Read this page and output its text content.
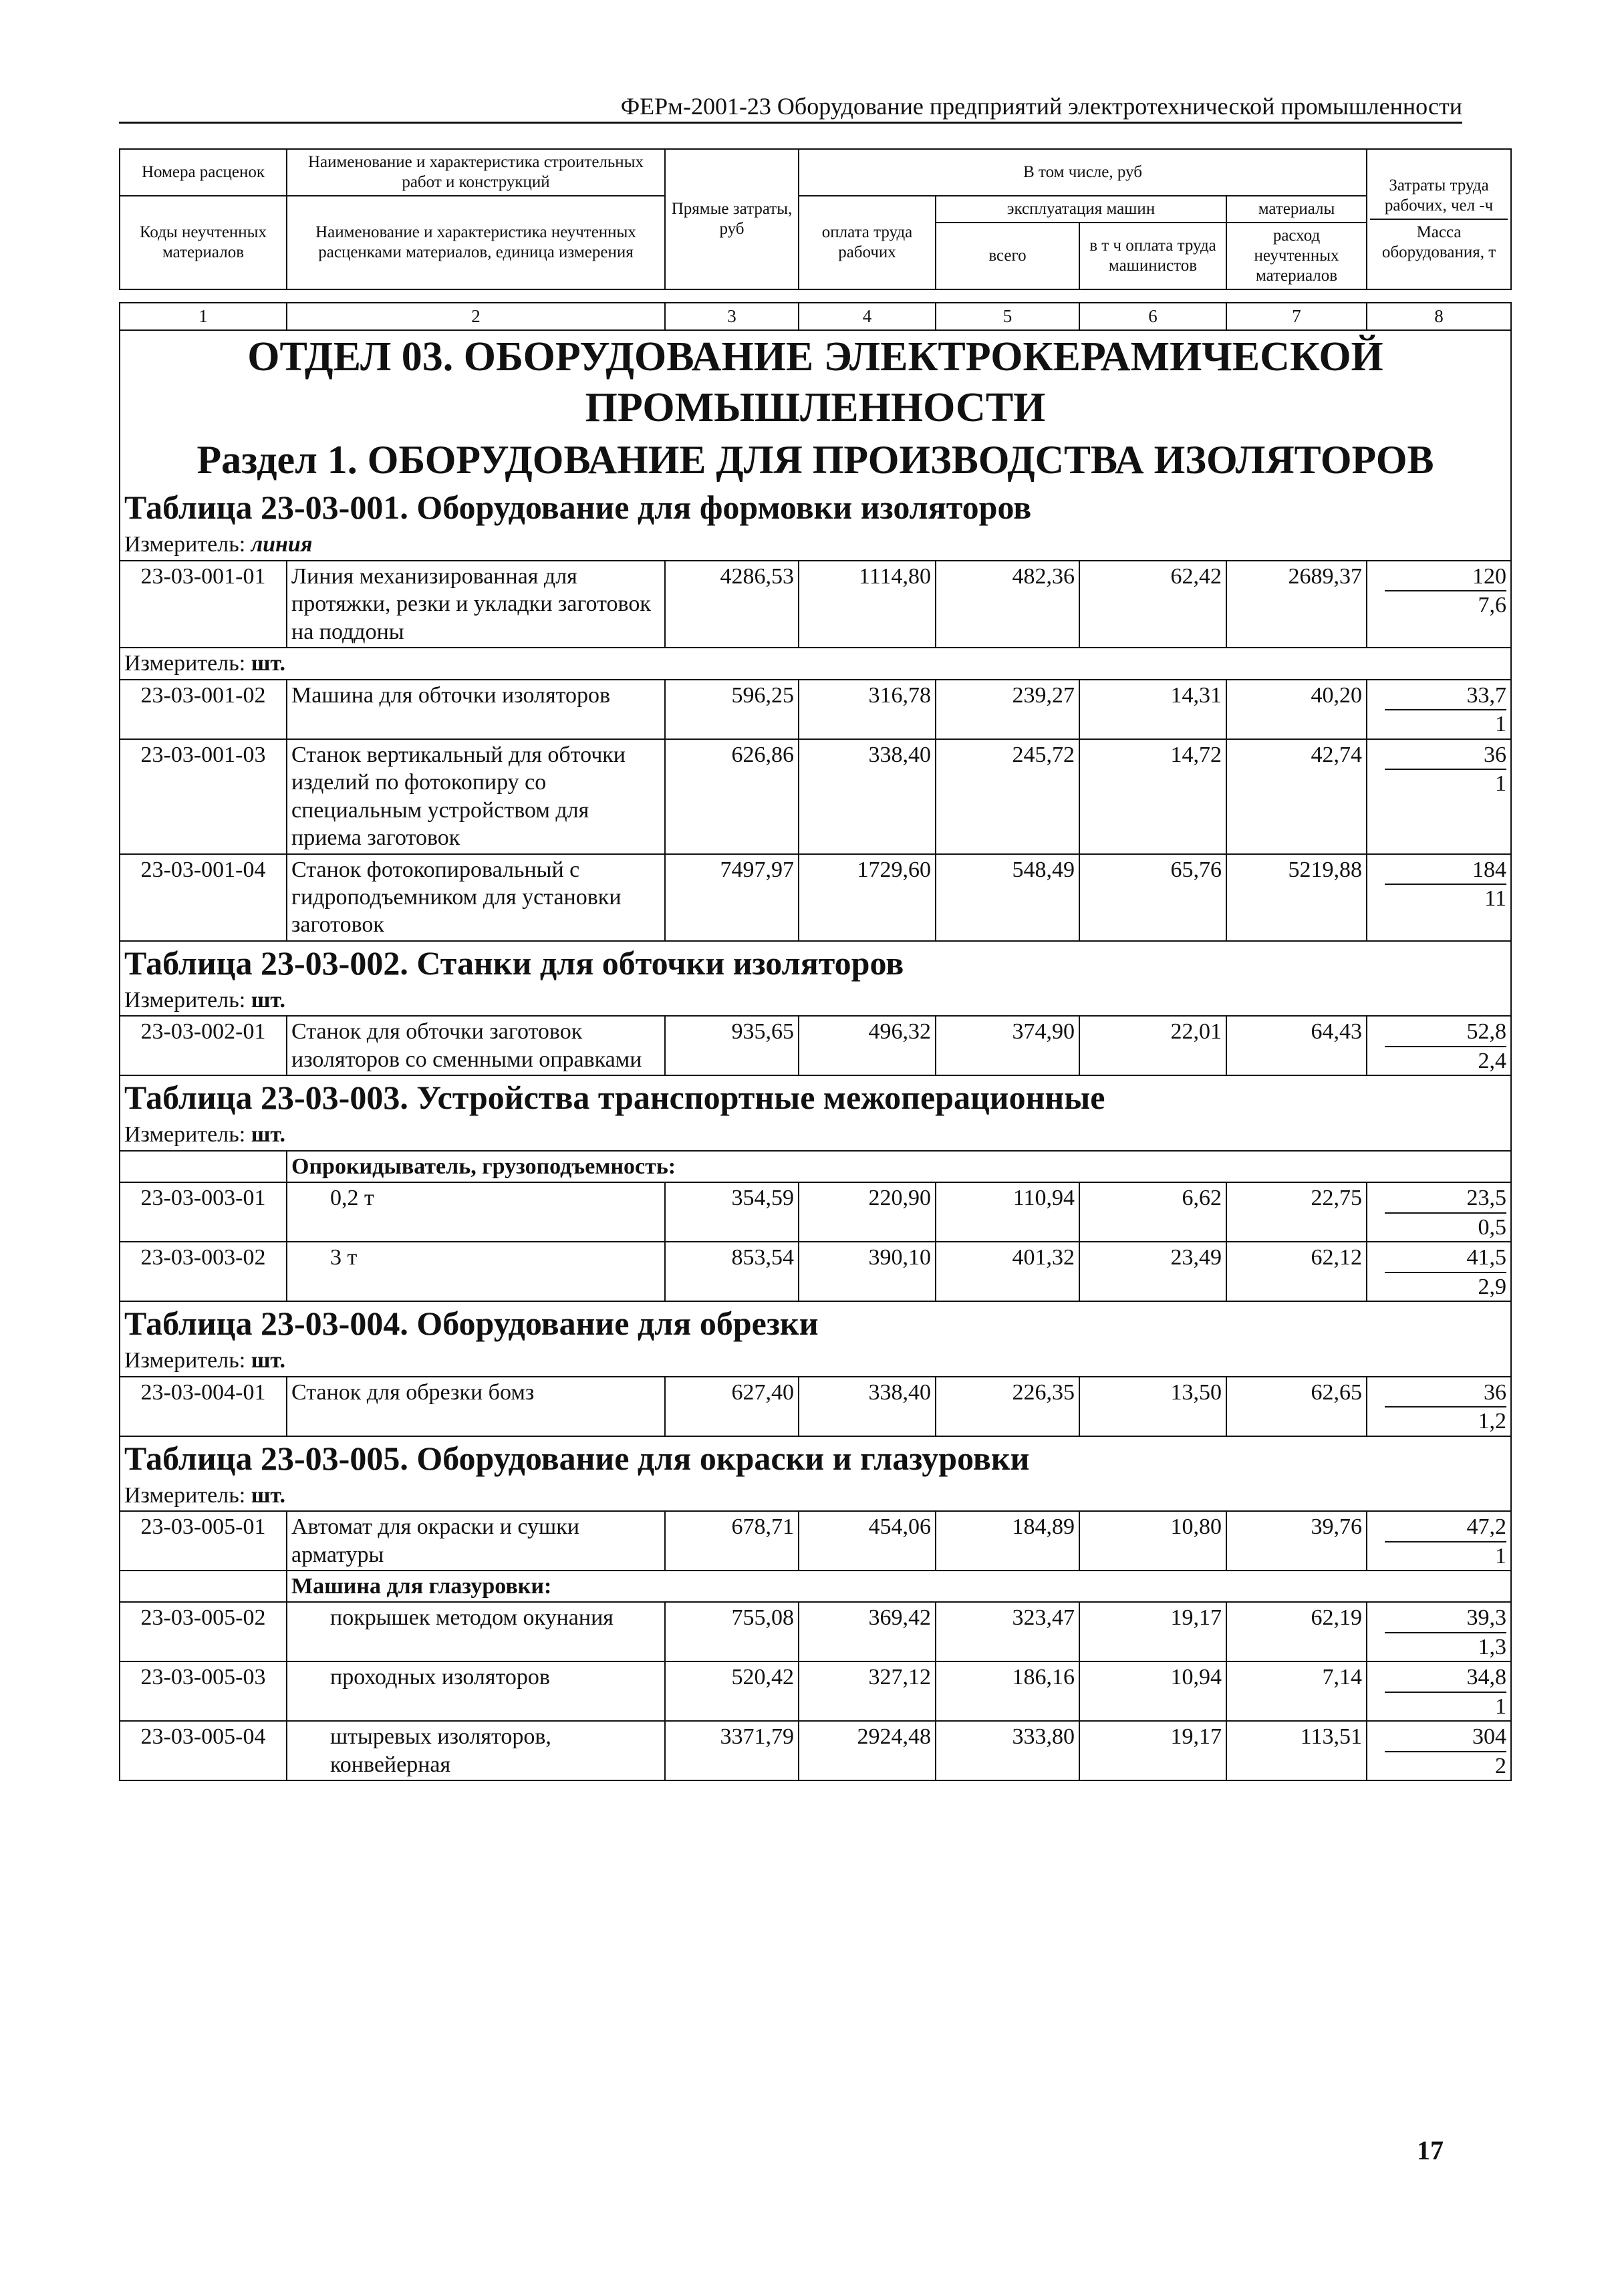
ФЕРм-2001-23 Оборудование предприятий электротехнической промышленности
Номера расценок	Наименование и характеристика строительных работ и конструкций	Прямые затраты, руб	В том числе, руб				Затраты труда рабочих, чел -ч
Масса оборудования, т

Коды неучтенных материалов	Наименование и характеристика неучтенных расценками материалов, единица измерения		оплата труда рабочих	эксплуатация машин		материалы	
				всего	в т ч оплата труда машинистов	расход неучтенных материалов	

1	2	3	4	5	6	7	8
ОТДЕЛ 03. ОБОРУДОВАНИЕ ЭЛЕКТРОКЕРАМИЧЕСКОЙ ПРОМЫШЛЕННОСТИ							
Раздел 1. ОБОРУДОВАНИЕ ДЛЯ ПРОИЗВОДСТВА ИЗОЛЯТОРОВ							
Таблица 23-03-001. Оборудование для формовки изоляторов							
Измеритель: линия							
23-03-001-01	Линия механизированная для протяжки, резки и укладки заготовок на поддоны	4286,53	1114,80	482,36	62,42	2689,37	120
7,6

Измеритель: шт.							
23-03-001-02	Машина для обточки изоляторов	596,25	316,78	239,27	14,31	40,20	33,7
1

23-03-001-03	Станок вертикальный для обточки изделий по фотокопиру со специальным устройством для приема заготовок	626,86	338,40	245,72	14,72	42,74	36
1

23-03-001-04	Станок фотокопировальный с гидроподъемником для установки заготовок	7497,97	1729,60	548,49	65,76	5219,88	184
11

Таблица 23-03-002. Станки для обточки изоляторов							
Измеритель: шт.							
23-03-002-01	Станок для обточки заготовок изоляторов со сменными оправками	935,65	496,32	374,90	22,01	64,43	52,8
2,4

Таблица 23-03-003. Устройства транспортные межоперационные							
Измеритель: шт.							
	Опрокидыватель, грузоподъемность:						
23-03-003-01	0,2 т	354,59	220,90	110,94	6,62	22,75	23,5
0,5

23-03-003-02	3 т	853,54	390,10	401,32	23,49	62,12	41,5
2,9

Таблица 23-03-004. Оборудование для обрезки							
Измеритель: шт.							
23-03-004-01	Станок для обрезки бомз	627,40	338,40	226,35	13,50	62,65	36
1,2

Таблица 23-03-005. Оборудование для окраски и глазуровки							
Измеритель: шт.							
23-03-005-01	Автомат для окраски и сушки арматуры	678,71	454,06	184,89	10,80	39,76	47,2
1

	Машина для глазуровки:						
23-03-005-02	покрышек методом окунания	755,08	369,42	323,47	19,17	62,19	39,3
1,3

23-03-005-03	проходных изоляторов	520,42	327,12	186,16	10,94	7,14	34,8
1

23-03-005-04	штыревых изоляторов, конвейерная	3371,79	2924,48	333,80	19,17	113,51	304
2
17
